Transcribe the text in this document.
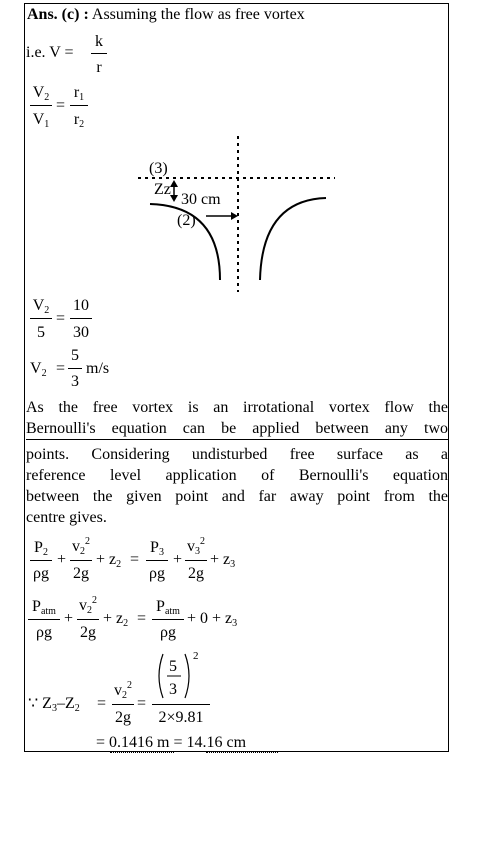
Ans. (c) : Assuming the flow as free vortex
i.e. V =
k
r
$V_2$
$V_1$
=
$r_1$
$r_2$
(3)
Zz
30 cm
(2)
$V_2$
5
=
10
30
$V_2$ =
5
3
m/s
As the free vortex is an irrotational vortex flow the
Bernoulli's equation can be applied between any two
points. Considering undisturbed free surface as a
reference level application of Bernoulli's equation
between the given point and far away point from the
centre gives.
$P_2$
ρg
+
$v_2^2$
2g
+ $z_2$ =
$P_3$
ρg
+
$v_3^2$
2g
+ $z_3$
$P_{atm}$
ρg
+
$v_2^2$
2g
+ $z_2$ =
$P_{atm}$
ρg
+ $0 + z_3$
∵ $Z_3-Z_2$ =
$v_2^2$
2g
=
5
3
2
2×9.81
= 0.1416 m = 14.16 cm
